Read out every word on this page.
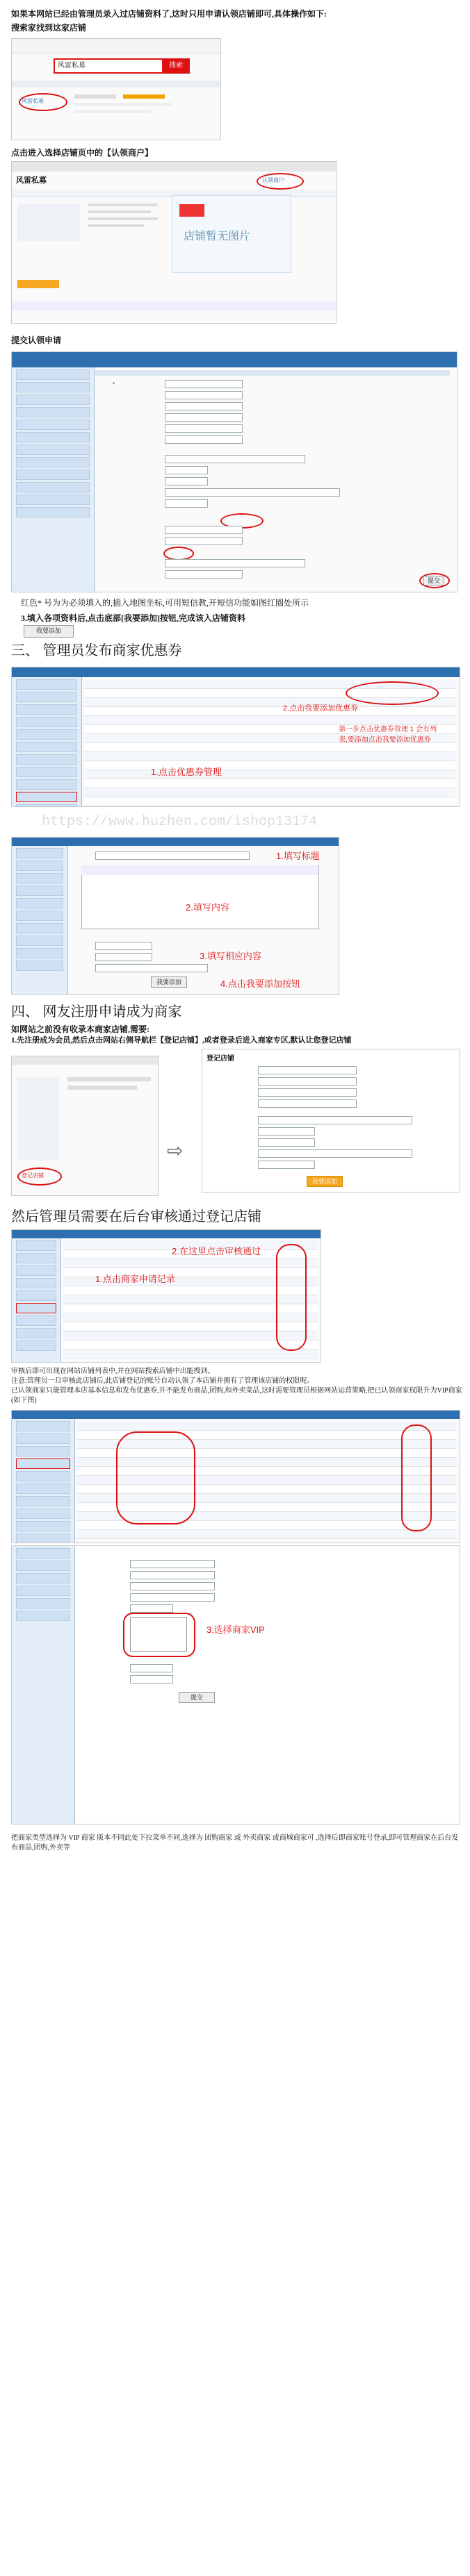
如果本网站已经由管理员录入过店铺资料了,这时只用申请认领店铺即可,具体操作如下:
搜索家找到这家店铺
风雷私募	搜索
风雷私募
点击进入选择店铺页中的【认领商户】
风雷私募	认领商户
店铺暂无图片
提交认领申请
*
提交
红色* 号为为必须填入的,插入地图坐标,可用短信教,开短信功能如图红圈处所示
3.填入各项资料后,点击底部[我要添加]按钮,完成该入店铺资料
我要添加
三、 管理员发布商家优惠券
第一步点击优惠券管理 1 会有列表,要添加点击我要添加优惠券
1.点击优惠券管理
2.点击我要添加优惠券
https://www.huzhen.com/ishop13174
我要添加
1.填写标题
2.填写内容
3.填写相应内容
4.点击我要添加按钮
四、 网友注册申请成为商家
如网站之前没有收录本商家店铺,需要:
1.先注册成为会员,然后点击网站右侧导航栏【登记店铺】,或者登录后进入商家专区,默认让您登记店铺
登记店铺
⇨
登记店铺
我要添加
然后管理员需要在后台审核通过登记店铺
1.点击商家申请记录
2.在这里点击审核通过
审核后即可出现在网站店铺列表中,并在网站搜索店铺中出能搜到。
注意:管理员一旦审核此店铺后,此店铺登记的账号自动认领了本店铺并拥有了管理该店铺的权限呢。
已认领商家只能管理本店基本信息和发布优惠券,并不能发布商品,团购,和外卖菜品,这时需要管理员根据网站运营策略,把已认领商家权限升为VIP商家(如下图)
3.选择商家VIP
提交
把商家类型选择为 VIP 商家 版本不同此处下拉菜单不同,选择为 团购商家 或 外卖商家 或商城商家可 ,选择后即商家账号登录,即可管理商家在后台发布商品,团购,外卖等
